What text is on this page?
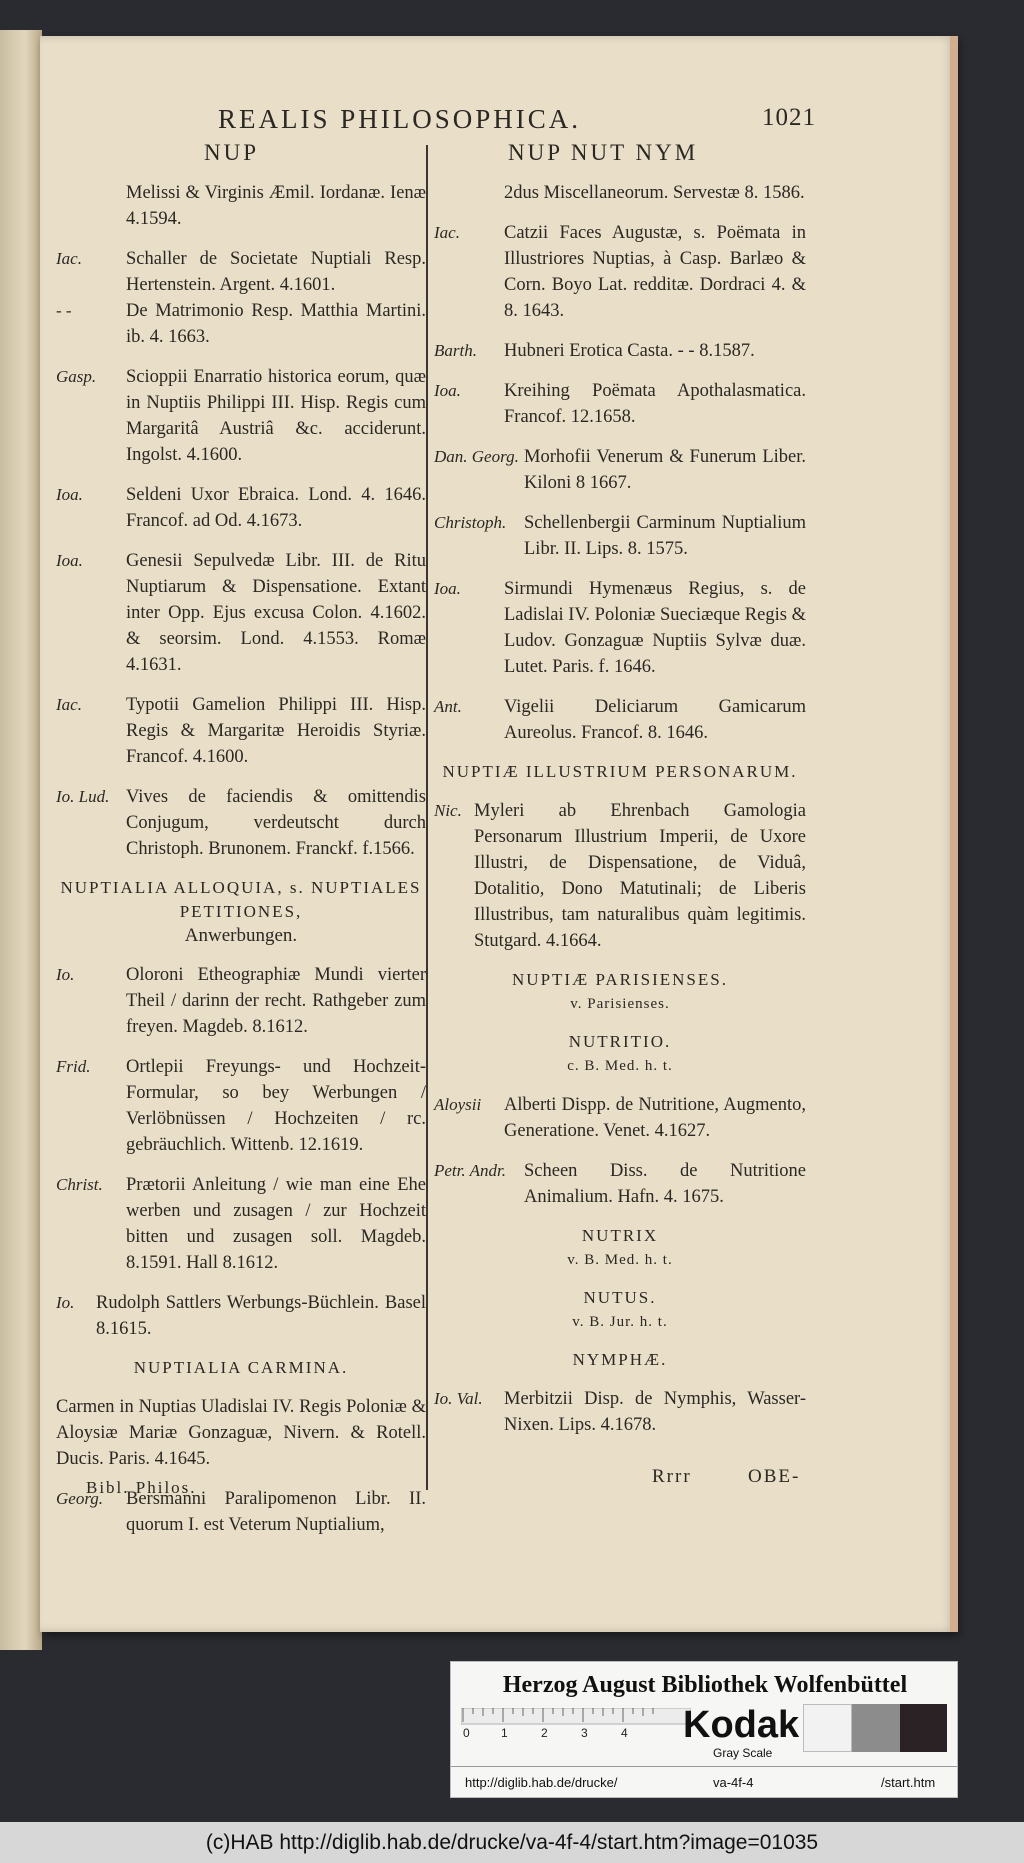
REALIS PHILOSOPHICA.	1021
NUP	NUP NUT NYM
Melissi & Virginis Æmil. Iordanæ. Ienæ 4.1594.
Iac.	Schaller de Societate Nuptiali Resp. Hertenstein. Argent. 4.1601.
- -	De Matrimonio Resp. Matthia Martini. ib. 4. 1663.
Gasp.	Scioppii Enarratio historica eorum, quæ in Nuptiis Philippi III. Hisp. Regis cum Margaritâ Austriâ &c. acciderunt. Ingolst. 4.1600.
Ioa.	Seldeni Uxor Ebraica. Lond. 4. 1646. Francof. ad Od. 4.1673.
Ioa.	Genesii Sepulvedæ Libr. III. de Ritu Nuptiarum & Dispensatione. Extant inter Opp. Ejus excusa Colon. 4.1602. & seorsim. Lond. 4.1553. Romæ 4.1631.
Iac.	Typotii Gamelion Philippi III. Hisp. Regis & Margaritæ Heroidis Styriæ. Francof. 4.1600.
Io. Lud. Vives de faciendis & omittendis Conjugum, verdeutscht durch Christoph. Brunonem. Franckf. f.1566.
NUPTIALIA ALLOQUIA, s. NUPTIALES PETITIONES,
Anwerbungen.
Io.	Oloroni Etheographiæ Mundi vierter Theil / darinn der recht. Rathgeber zum freyen. Magdeb. 8.1612.
Frid.	Ortlepii Freyungs- und Hochzeit-Formular, so bey Werbungen / Verlöbnüssen / Hochzeiten / rc. gebräuchlich. Wittenb. 12.1619.
Christ.	Prætorii Anleitung / wie man eine Ehe werben und zusagen / zur Hochzeit bitten und zusagen soll. Magdeb. 8.1591. Hall 8.1612.
Io.	Rudolph Sattlers Werbungs-Büchlein. Basel 8.1615.
NUPTIALIA CARMINA.
Carmen in Nuptias Uladislai IV. Regis Poloniæ & Aloysiæ Mariæ Gonzaguæ, Nivern. & Rotell. Ducis. Paris. 4.1645.
Georg.	Bersmanni Paralipomenon Libr. II. quorum I. est Veterum Nuptialium,
2dus Miscellaneorum. Servestæ 8. 1586.
Iac.	Catzii Faces Augustæ, s. Poëmata in Illustriores Nuptias, à Casp. Barlæo & Corn. Boyo Lat. redditæ. Dordraci 4. & 8. 1643.
Barth.	Hubneri Erotica Casta. - - 8.1587.
Ioa.	Kreihing Poëmata Apothalasmatica. Francof. 12.1658.
Dan. Georg. Morhofii Venerum & Funerum Liber. Kiloni 8 1667.
Christoph. Schellenbergii Carminum Nuptialium Libr. II. Lips. 8. 1575.
Ioa.	Sirmundi Hymenæus Regius, s. de Ladislai IV. Poloniæ Sueciæque Regis & Ludov. Gonzaguæ Nuptiis Sylvæ duæ. Lutet. Paris. f. 1646.
Ant.	Vigelii Deliciarum Gamicarum Aureolus. Francof. 8. 1646.
NUPTIÆ ILLUSTRIUM PERSONARUM.
Nic. Myleri ab Ehrenbach Gamologia Personarum Illustrium Imperii, de Uxore Illustri, de Dispensatione, de Viduâ, Dotalitio, Dono Matutinali; de Liberis Illustribus, tam naturalibus quàm legitimis. Stutgard. 4.1664.
NUPTIÆ PARISIENSES.
v. Parisienses.
NUTRITIO.
c. B. Med. h. t.
Aloysii	Alberti Dispp. de Nutritione, Augmento, Generatione. Venet. 4.1627.
Petr. Andr. Scheen Diss. de Nutritione Animalium. Hafn. 4. 1675.
NUTRIX
v. B. Med. h. t.
NUTUS.
v. B. Jur. h. t.
NYMPHÆ.
Io. Val.	Merbitzii Disp. de Nymphis, Wasser-Nixen. Lips. 4.1678.
Bibl. Philos.
Rrrr	OBE-
Herzog August Bibliothek Wolfenbüttel
0	1	2	3	4 Kodak
Gray Scale
http://diglib.hab.de/drucke/	va-4f-4	/start.htm
(c)HAB http://diglib.hab.de/drucke/va-4f-4/start.htm?image=01035
